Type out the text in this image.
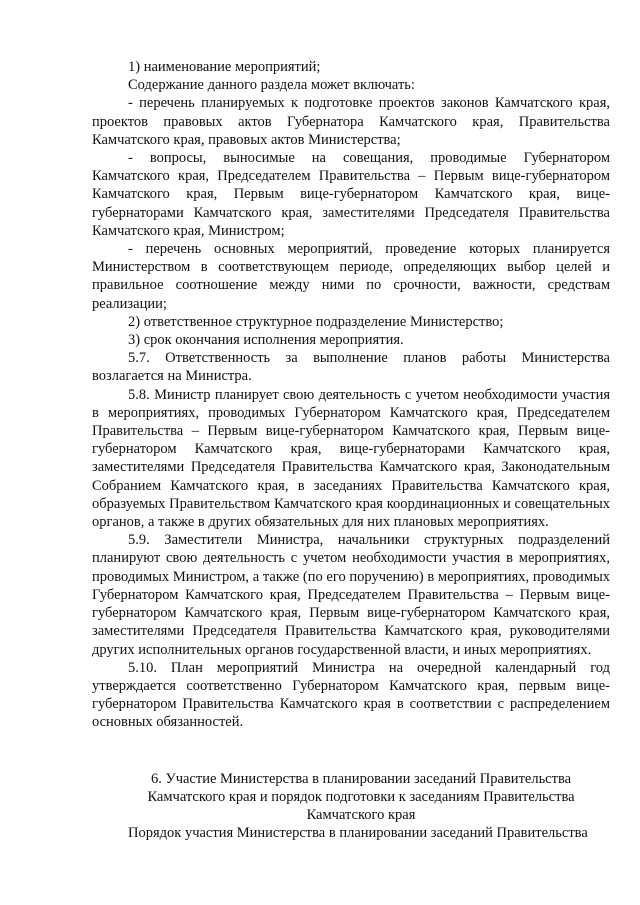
1) наименование мероприятий;

Содержание данного раздела может включать:

- перечень планируемых к подготовке проектов законов Камчатского края, проектов правовых актов Губернатора Камчатского края, Правительства Камчатского края, правовых актов Министерства;

- вопросы, выносимые на совещания, проводимые Губернатором Камчатского края, Председателем Правительства – Первым вице-губернатором Камчатского края, Первым вице-губернатором Камчатского края, вице-губернаторами Камчатского края, заместителями Председателя Правительства Камчатского края, Министром;

- перечень основных мероприятий, проведение которых планируется Министерством в соответствующем периоде, определяющих выбор целей и правильное соотношение между ними по срочности, важности, средствам реализации;

2) ответственное структурное подразделение Министерство;

3) срок окончания исполнения мероприятия.

5.7. Ответственность за выполнение планов работы Министерства возлагается на Министра.

5.8. Министр планирует свою деятельность с учетом необходимости участия в мероприятиях, проводимых Губернатором Камчатского края, Председателем Правительства – Первым вице-губернатором Камчатского края, Первым вице-губернатором Камчатского края, вице-губернаторами Камчатского края, заместителями Председателя Правительства Камчатского края, Законодательным Собранием Камчатского края, в заседаниях Правительства Камчатского края, образуемых Правительством Камчатского края координационных и совещательных органов, а также в других обязательных для них плановых мероприятиях.

5.9. Заместители Министра, начальники структурных подразделений планируют свою деятельность с учетом необходимости участия в мероприятиях, проводимых Министром, а также (по его поручению) в мероприятиях, проводимых Губернатором Камчатского края, Председателем Правительства – Первым вице-губернатором Камчатского края, Первым вице-губернатором Камчатского края, заместителями Председателя Правительства Камчатского края, руководителями других исполнительных органов государственной власти, и иных мероприятиях.

5.10. План мероприятий Министра на очередной календарный год утверждается соответственно Губернатором Камчатского края, первым вице-губернатором Правительства Камчатского края в соответствии с распределением основных обязанностей.

6. Участие Министерства в планировании заседаний Правительства

Камчатского края и порядок подготовки к заседаниям Правительства

Камчатского края

Порядок участия Министерства в планировании заседаний Правительства
